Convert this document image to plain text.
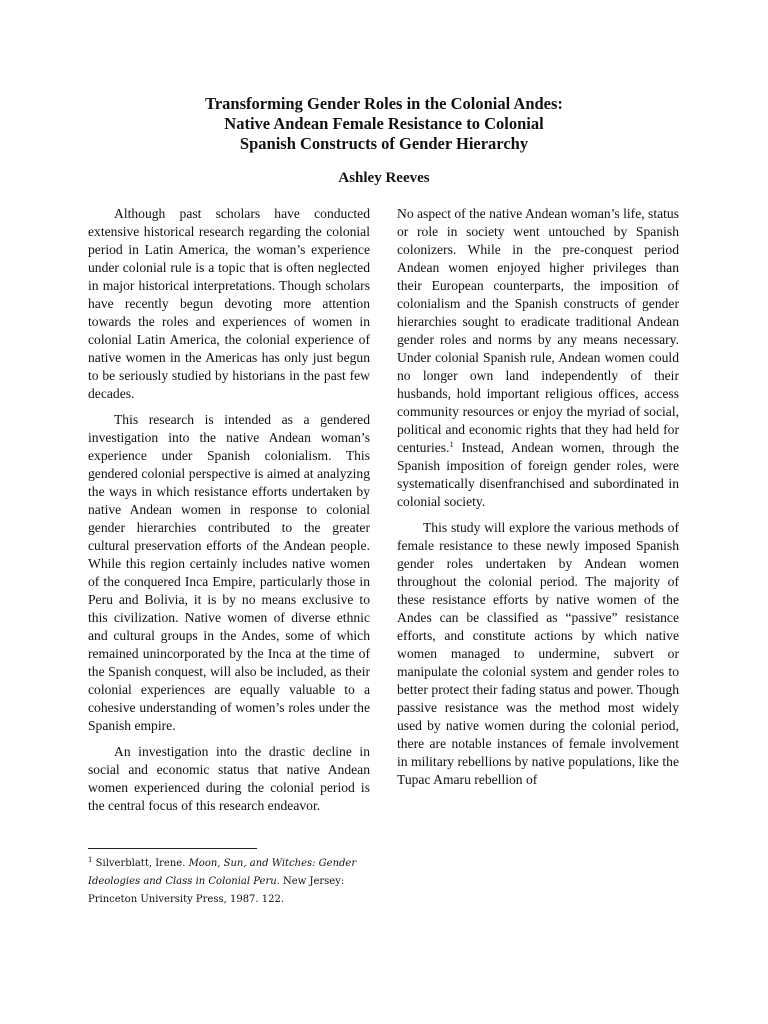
Transforming Gender Roles in the Colonial Andes:
Native Andean Female Resistance to Colonial
Spanish Constructs of Gender Hierarchy
Ashley Reeves

Although past scholars have conducted extensive historical research regarding the colonial period in Latin America, the woman’s experience under colonial rule is a topic that is often neglected in major historical interpretations. Though scholars have recently begun devoting more attention towards the roles and experiences of women in colonial Latin America, the colonial experience of native women in the Americas has only just begun to be seriously studied by historians in the past few decades.

This research is intended as a gendered investigation into the native Andean woman’s experience under Spanish colonialism. This gendered colonial perspective is aimed at analyzing the ways in which resistance efforts undertaken by native Andean women in response to colonial gender hierarchies contributed to the greater cultural preservation efforts of the Andean people. While this region certainly includes native women of the conquered Inca Empire, particularly those in Peru and Bolivia, it is by no means exclusive to this civilization. Native women of diverse ethnic and cultural groups in the Andes, some of which remained unincorporated by the Inca at the time of the Spanish conquest, will also be included, as their colonial experiences are equally valuable to a cohesive understanding of women’s roles under the Spanish empire.

An investigation into the drastic decline in social and economic status that native Andean women experienced during the colonial period is the central focus of this research endeavor.

No aspect of the native Andean woman’s life, status or role in society went untouched by Spanish colonizers. While in the pre-conquest period Andean women enjoyed higher privileges than their European counterparts, the imposition of colonialism and the Spanish constructs of gender hierarchies sought to eradicate traditional Andean gender roles and norms by any means necessary. Under colonial Spanish rule, Andean women could no longer own land independently of their husbands, hold important religious offices, access community resources or enjoy the myriad of social, political and economic rights that they had held for centuries.$^1$ Instead, Andean women, through the Spanish imposition of foreign gender roles, were systematically disenfranchised and subordinated in colonial society.

This study will explore the various methods of female resistance to these newly imposed Spanish gender roles undertaken by Andean women throughout the colonial period. The majority of these resistance efforts by native women of the Andes can be classified as “passive” resistance efforts, and constitute actions by which native women managed to undermine, subvert or manipulate the colonial system and gender roles to better protect their fading status and power. Though passive resistance was the method most widely used by native women during the colonial period, there are notable instances of female involvement in military rebellions by native populations, like the Tupac Amaru rebellion of

$^1$ Silverblatt, Irene. Moon, Sun, and Witches: Gender Ideologies and Class in Colonial Peru. New Jersey: Princeton University Press, 1987. 122.
